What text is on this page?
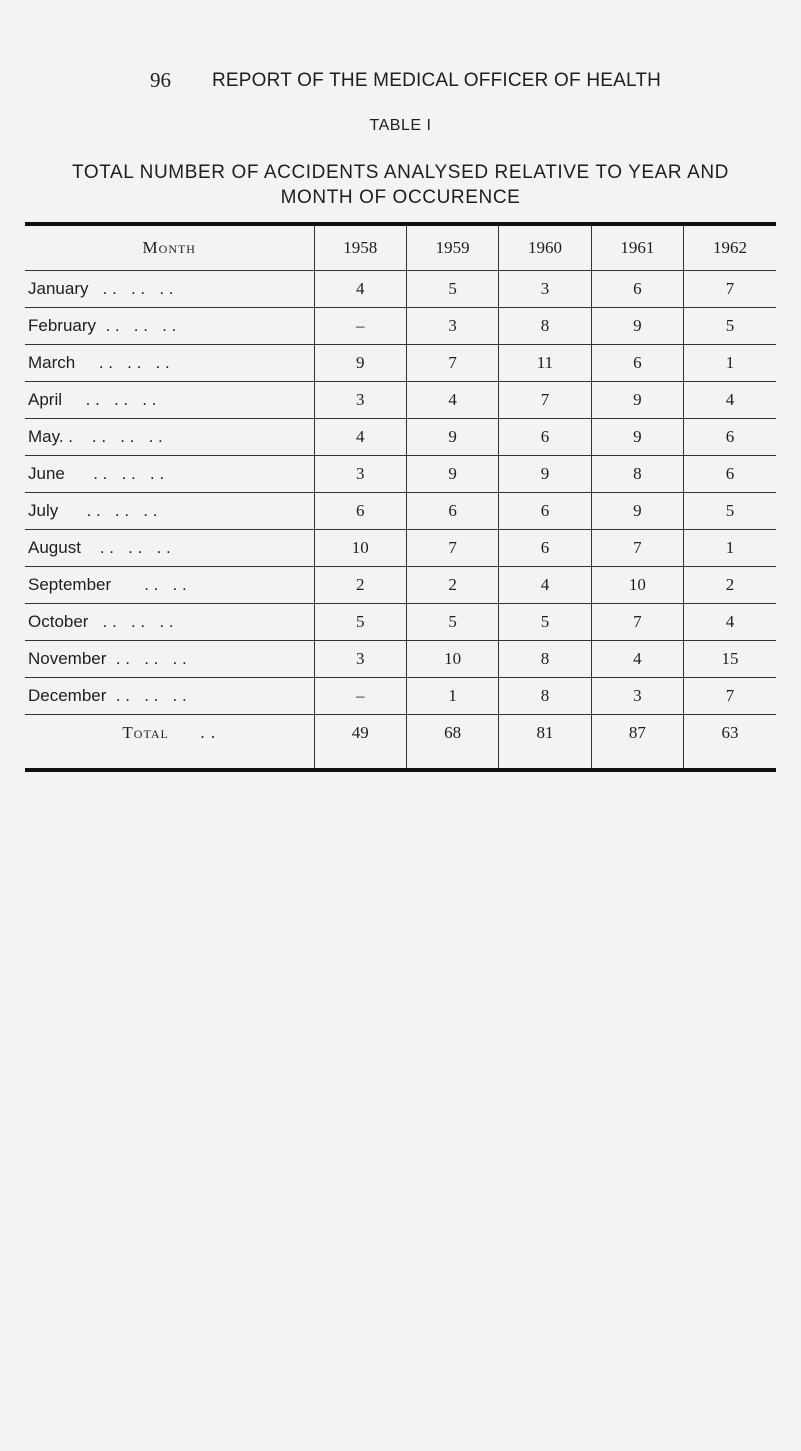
96 REPORT OF THE MEDICAL OFFICER OF HEALTH
TABLE I
TOTAL NUMBER OF ACCIDENTS ANALYSED RELATIVE TO YEAR AND
MONTH OF OCCURENCE
Month	1958	1959	1960	1961	1962
January   . .   . .   . .	4	5	3	6	7
February  . .   . .   . .	–	3	8	9	5
March     . .   . .   . .	9	7	11	6	1
April     . .   . .   . .	3	4	7	9	4
May. .    . .   . .   . .	4	9	6	9	6
June      . .   . .   . .	3	9	9	8	6
July      . .   . .   . .	6	6	6	9	5
August    . .   . .   . .	10	7	6	7	1
September       . .   . .	2	2	4	10	2
October   . .   . .   . .	5	5	5	7	4
November  . .   . .   . .	3	10	8	4	15
December  . .   . .   . .	–	1	8	3	7
Total      . .	49	68	81	87	63
